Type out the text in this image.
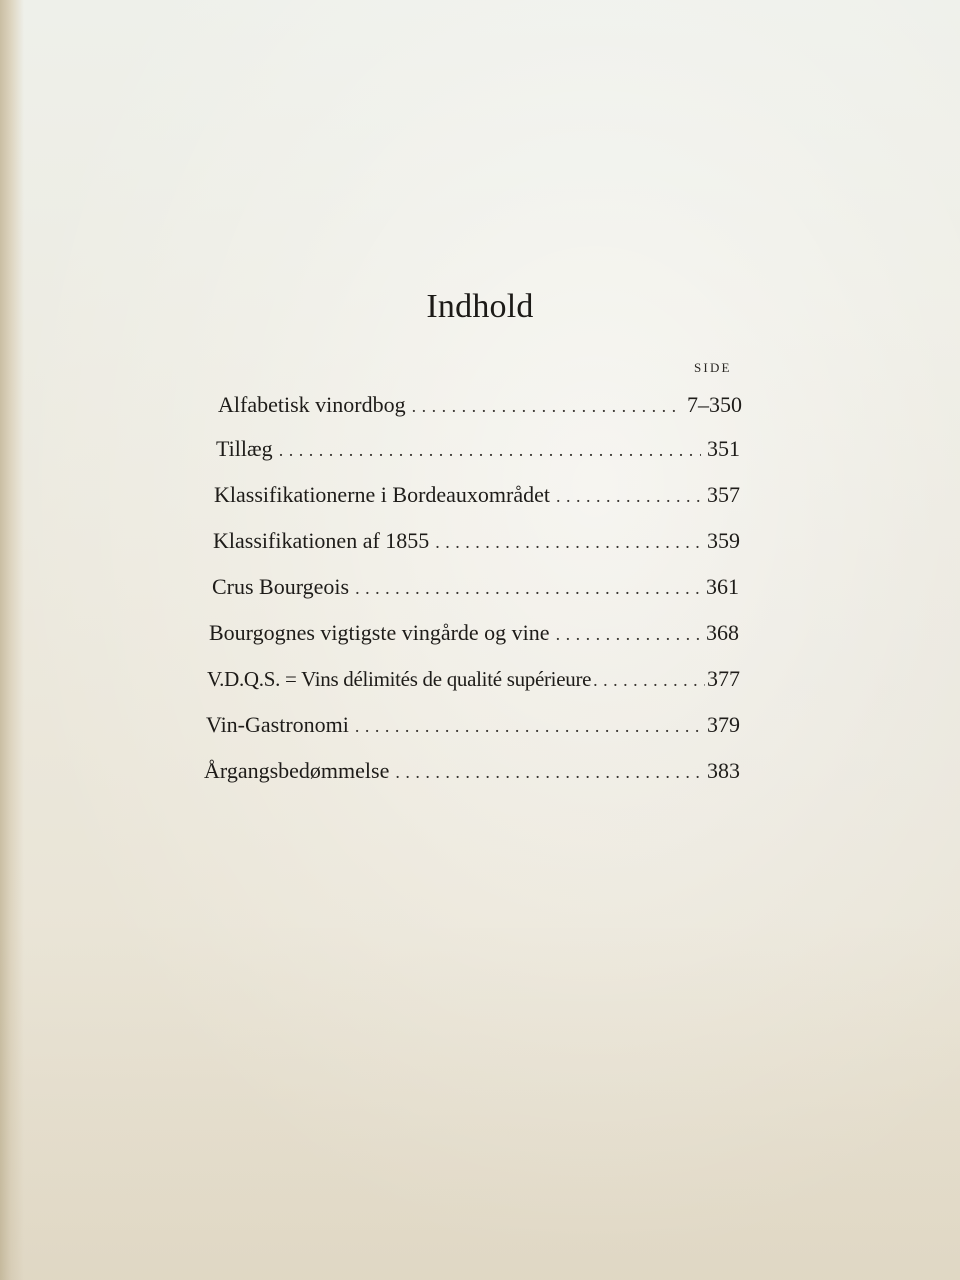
Indhold
SIDE
Alfabetisk vinordbog . . .	7–350
Tillæg . . .	351
Klassifikationerne i Bordeauxområdet . . .	357
Klassifikationen af 1855 . . .	359
Crus Bourgeois . . .	361
Bourgognes vigtigste vingårde og vine . . .	368
V.D.Q.S. = Vins délimités de qualité supérieure . . .	377
Vin-Gastronomi . . .	379
Årgangsbedømmelse . . .	383
